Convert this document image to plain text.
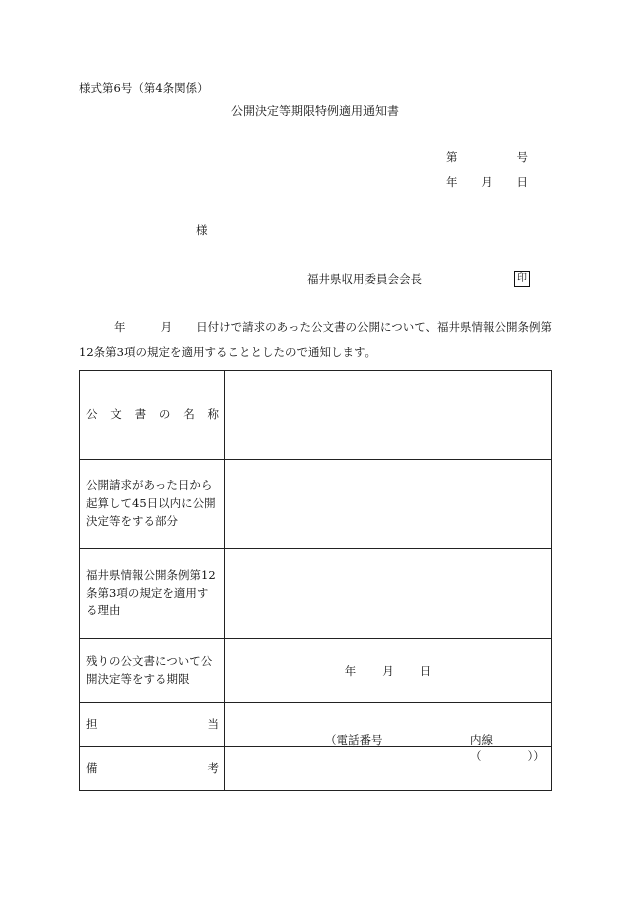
様式第6号（第4条関係）
公開決定等期限特例適用通知書
第	号
年 月 日
様
福井県収用委員会会長	印
年	月 日付けで請求のあった公文書の公開について、福井県情報公開条例第
12条第3項の規定を適用することとしたので通知します。
公文書の名称	
公開請求があった日から起算して45日以内に公開決定等をする部分	
福井県情報公開条例第12条第3項の規定を適用する理由	
残りの公文書について公開決定等をする期限	年 月 日

担 当	（電話番号 内線（　　　　））

備 考	
